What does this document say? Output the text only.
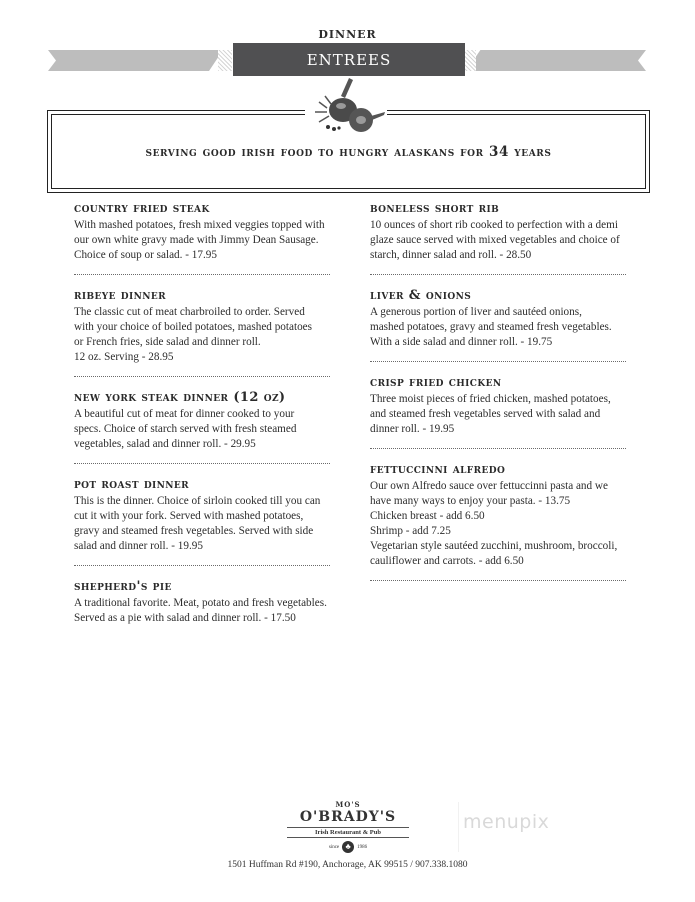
dinner
entrees
serving good irish food to hungry alaskans for 34 years
country fried steak
With mashed potatoes, fresh mixed veggies topped with
our own white gravy made with Jimmy Dean Sausage.
Choice of soup or salad. - 17.95
ribeye dinner
The classic cut of meat charbroiled to order. Served
with your choice of boiled potatoes, mashed potatoes
or French fries, side salad and dinner roll.
12 oz. Serving - 28.95
new york steak dinner (12 oz)
A beautiful cut of meat for dinner cooked to your
specs. Choice of starch served with fresh steamed
vegetables, salad and dinner roll. - 29.95
pot roast dinner
This is the dinner. Choice of sirloin cooked till you can
cut it with your fork. Served with mashed potatoes,
gravy and steamed fresh vegetables. Served with side
salad and dinner roll. - 19.95
shepherd's pie
A traditional favorite. Meat, potato and fresh vegetables.
Served as a pie with salad and dinner roll. - 17.50
boneless short rib
10 ounces of short rib cooked to perfection with a demi
glaze sauce served with mixed vegetables and choice of
starch, dinner salad and roll. - 28.50
liver & onions
A generous portion of liver and sautéed onions,
mashed potatoes, gravy and steamed fresh vegetables.
With a side salad and dinner roll. - 19.75
crisp fried chicken
Three moist pieces of fried chicken, mashed potatoes,
and steamed fresh vegetables served with salad and
dinner roll. - 19.95
fettuccinni alfredo
Our own Alfredo sauce over fettuccinni pasta and we
have many ways to enjoy your pasta. - 13.75
Chicken breast - add 6.50
Shrimp - add 7.25
Vegetarian style sautéed zucchini, mushroom, broccoli,
cauliflower and carrots. - add 6.50
MO'S
O'BRADY'S
Irish Restaurant & Pub
since ♣	1986
1501 Huffman Rd #190, Anchorage, AK 99515 / 907.338.1080
menupix
